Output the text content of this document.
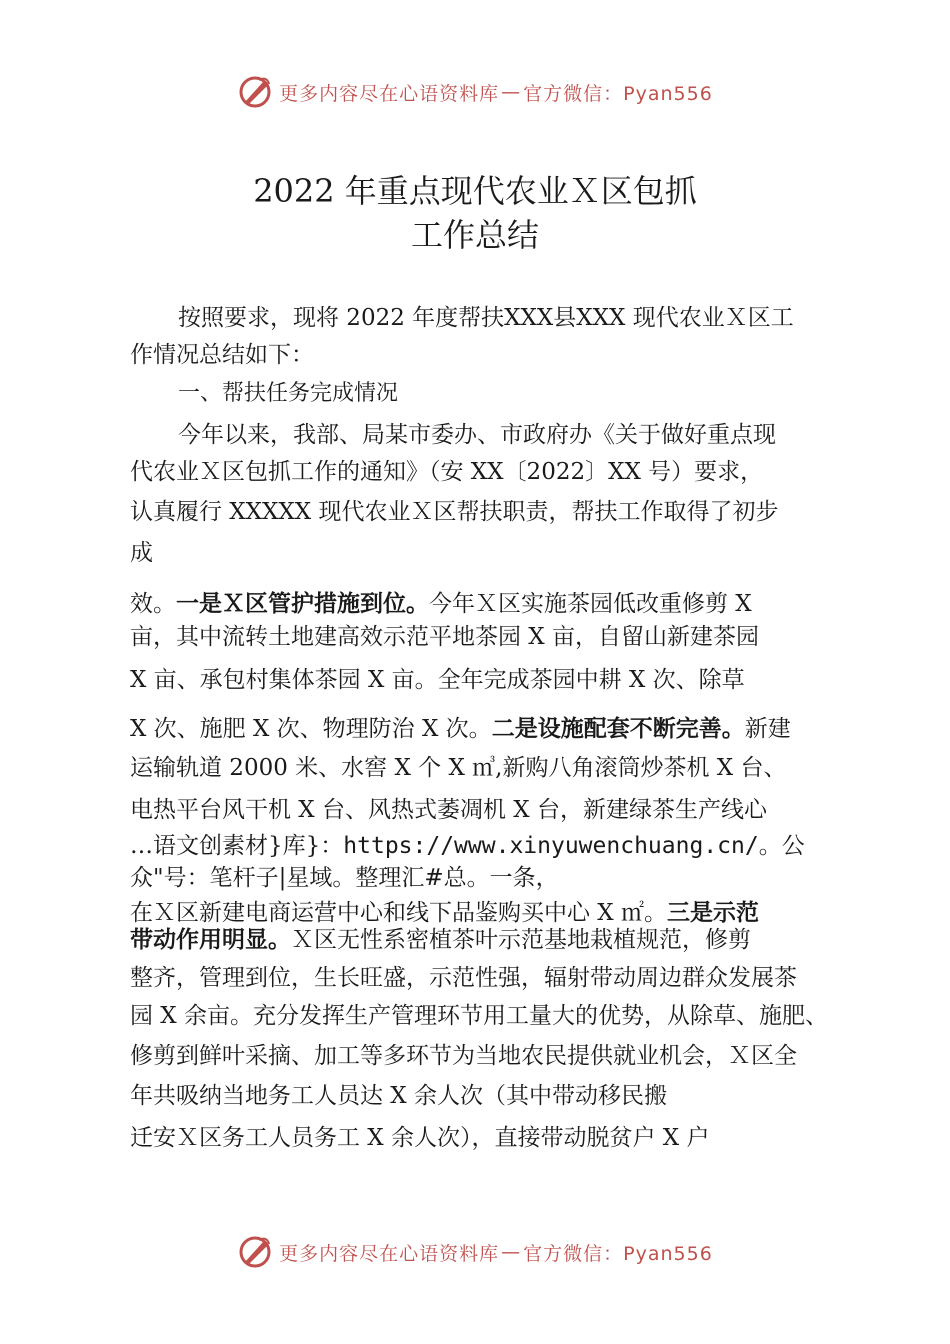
更多内容尽在心语资料库 — 官方微信：Pyan556
2022 年重点现代农业Ｘ区包抓
工作总结
按照要求，现将 2022 年度帮扶XXX县XXX 现代农业Ｘ区工
作情况总结如下：
一、帮扶任务完成情况
今年以来，我部、局某市委办、市政府办《关于做好重点现
代农业Ｘ区包抓工作的通知》（安 XX〔2022〕XX 号）要求，
认真履行 XXXXX 现代农业Ｘ区帮扶职责，帮扶工作取得了初步
成
效。一是Ｘ区管护措施到位。今年Ｘ区实施茶园低改重修剪 X
亩，其中流转土地建高效示范平地茶园 X 亩，自留山新建茶园
X 亩、承包村集体茶园 X 亩。全年完成茶园中耕 X 次、除草
X 次、施肥 X 次、物理防治 X 次。二是设施配套不断完善。新建
运输轨道 2000 米、水窖 X 个 X ㎥,新购八角滚筒炒茶机 X 台、
电热平台风干机 X 台、风热式萎凋机 X 台，新建绿茶生产线心
…语文创素材}库}：https://www.xinyuwenchuang.cn/。公
众"号：笔杆子|星域。整理汇#总。一条，
在Ｘ区新建电商运营中心和线下品鉴购买中心 X ㎡。三是示范
带动作用明显。Ｘ区无性系密植茶叶示范基地栽植规范，修剪
整齐，管理到位，生长旺盛，示范性强，辐射带动周边群众发展茶
园 X 余亩。充分发挥生产管理环节用工量大的优势，从除草、施肥、
修剪到鲜叶采摘、加工等多环节为当地农民提供就业机会，Ｘ区全
年共吸纳当地务工人员达 X 余人次（其中带动移民搬
迁安Ｘ区务工人员务工 X 余人次），直接带动脱贫户 X 户
更多内容尽在心语资料库 — 官方微信：Pyan556
